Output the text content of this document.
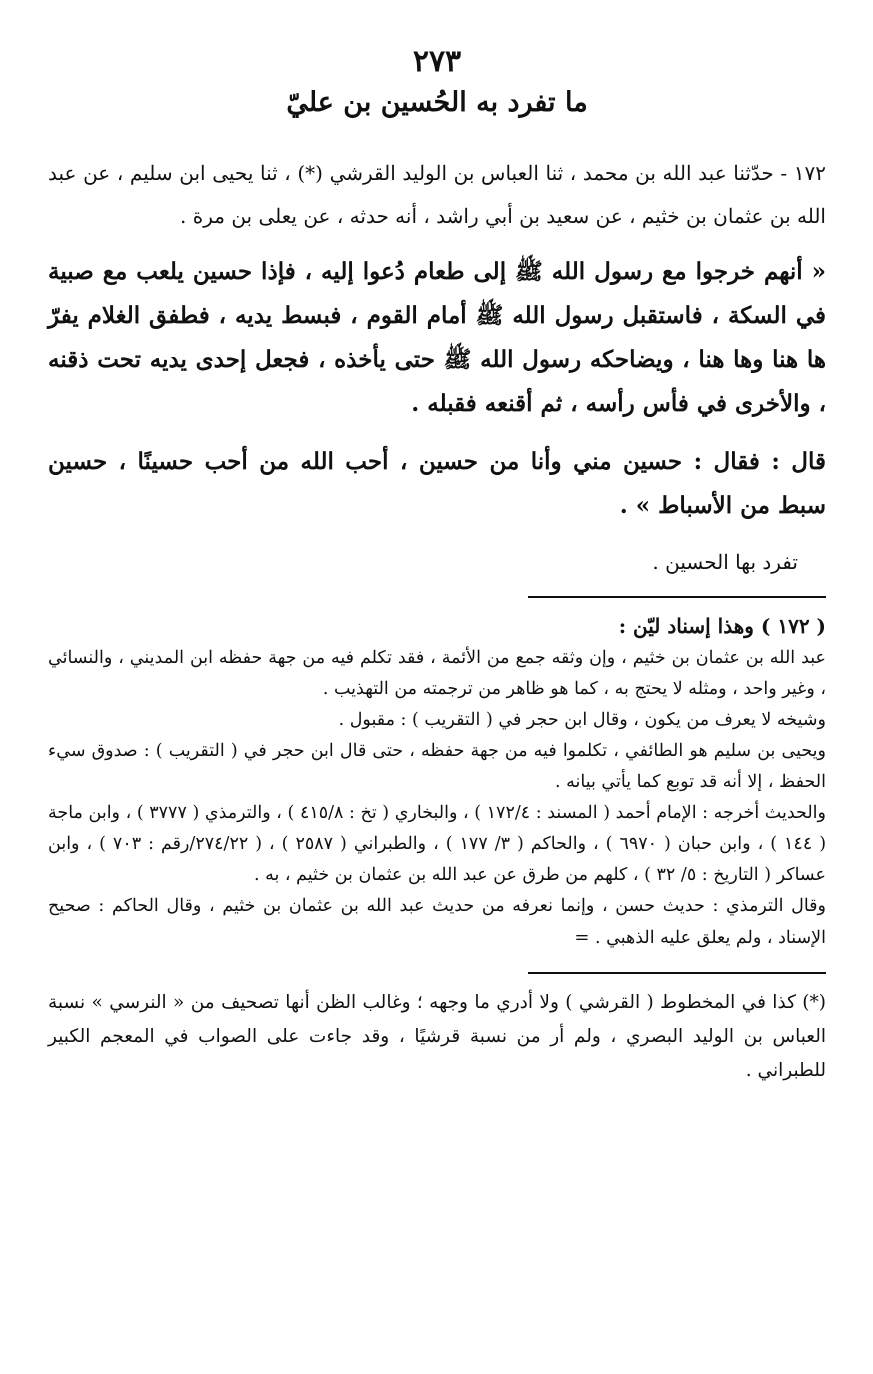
٢٧٣
ما تفرد به الحُسين بن عليّ

١٧٢ - حدّثنا عبد الله بن محمد ، ثنا العباس بن الوليد القرشي (*) ، ثنا يحيى ابن سليم ، عن عبد الله بن عثمان بن خثيم ، عن سعيد بن أبي راشد ، أنه حدثه ، عن يعلى بن مرة .

« أنهم خرجوا مع رسول الله ﷺ إلى طعام دُعوا إليه ، فإذا حسين يلعب مع صبية في السكة ، فاستقبل رسول الله ﷺ أمام القوم ، فبسط يديه ، فطفق الغلام يفرّ ها هنا وها هنا ، ويضاحكه رسول الله ﷺ حتى يأخذه ، فجعل إحدى يديه تحت ذقنه ، والأخرى في فأس رأسه ، ثم أقنعه فقبله .

قال : فقال : حسين مني وأنا من حسين ، أحب الله من أحب حسينًا ، حسين سبط من الأسباط » .

تفرد بها الحسين .

( ١٧٢ ) وهذا إسناد ليّن :

عبد الله بن عثمان بن خثيم ، وإن وثقه جمع من الأئمة ، فقد تكلم فيه من جهة حفظه ابن المديني ، والنسائي ، وغير واحد ، ومثله لا يحتج به ، كما هو ظاهر من ترجمته من التهذيب .

وشيخه لا يعرف من يكون ، وقال ابن حجر في ( التقريب ) : مقبول .

ويحيى بن سليم هو الطائفي ، تكلموا فيه من جهة حفظه ، حتى قال ابن حجر في ( التقريب ) : صدوق سيء الحفظ ، إلا أنه قد توبع كما يأتي بيانه .

والحديث أخرجه : الإمام أحمد ( المسند : ١٧٢/٤ ) ، والبخاري ( تخ : ٤١٥/٨ ) ، والترمذي ( ٣٧٧٧ ) ، وابن ماجة ( ١٤٤ ) ، وابن حبان ( ٦٩٧٠ ) ، والحاكم ( ٣/ ١٧٧ ) ، والطبراني ( ٢٥٨٧ ) ، ( ٢٧٤/٢٢/رقم : ٧٠٣ ) ، وابن عساكر ( التاريخ : ٥/ ٣٢ ) ، كلهم من طرق عن عبد الله بن عثمان بن خثيم ، به .

وقال الترمذي : حديث حسن ، وإنما نعرفه من حديث عبد الله بن عثمان بن خثيم ، وقال الحاكم : صحيح الإسناد ، ولم يعلق عليه الذهبي . =

(*) كذا في المخطوط ( القرشي ) ولا أدري ما وجهه ؛ وغالب الظن أنها تصحيف من « النرسي » نسبة العباس بن الوليد البصري ، ولم أر من نسبة قرشيًا ، وقد جاءت على الصواب في المعجم الكبير للطبراني .
